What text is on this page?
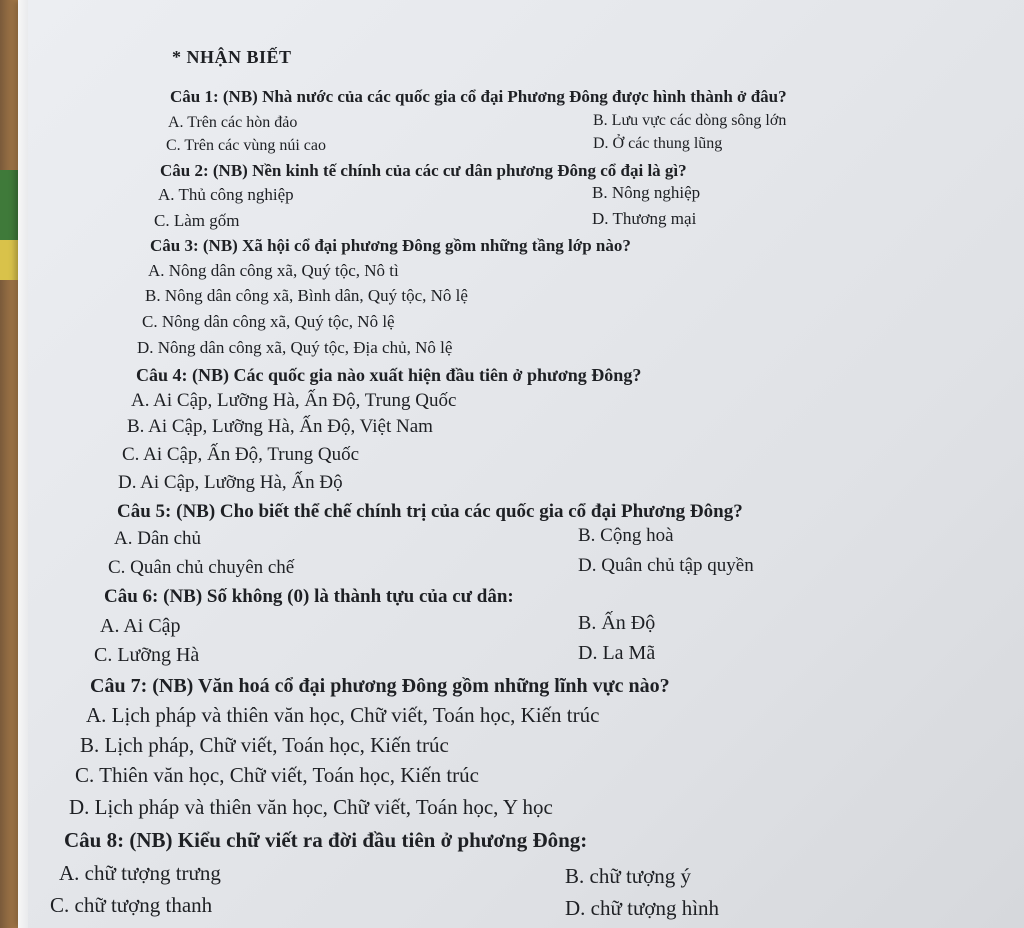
* NHẬN BIẾT
Câu 1: (NB) Nhà nước của các quốc gia cổ đại Phương Đông được hình thành ở đâu?
A. Trên các hòn đảo	B. Lưu vực các dòng sông lớn
C. Trên các vùng núi cao	D. Ở các thung lũng
Câu 2: (NB) Nền kinh tế chính của các cư dân phương Đông cổ đại là gì?
A. Thủ công nghiệp	B. Nông nghiệp
C. Làm gốm	D. Thương mại
Câu 3: (NB) Xã hội cổ đại phương Đông gồm những tầng lớp nào?
A. Nông dân công xã, Quý tộc, Nô tì
B. Nông dân công xã, Bình dân, Quý tộc, Nô lệ
C. Nông dân công xã, Quý tộc, Nô lệ
D. Nông dân công xã, Quý tộc, Địa chủ, Nô lệ
Câu 4: (NB) Các quốc gia nào xuất hiện đầu tiên ở phương Đông?
A. Ai Cập, Lưỡng Hà, Ấn Độ, Trung Quốc
B. Ai Cập, Lưỡng Hà, Ấn Độ, Việt Nam
C. Ai Cập, Ấn Độ, Trung Quốc
D. Ai Cập, Lưỡng Hà, Ấn Độ
Câu 5: (NB) Cho biết thể chế chính trị của các quốc gia cổ đại Phương Đông?
A. Dân chủ	B. Cộng hoà
C. Quân chủ chuyên chế	D. Quân chủ tập quyền
Câu 6: (NB) Số không (0) là thành tựu của cư dân:
A. Ai Cập	B. Ấn Độ
C. Lưỡng Hà	D. La Mã
Câu 7: (NB) Văn hoá cổ đại phương Đông gồm những lĩnh vực nào?
A. Lịch pháp và thiên văn học, Chữ viết, Toán học, Kiến trúc
B. Lịch pháp, Chữ viết, Toán học, Kiến trúc
C. Thiên văn học, Chữ viết, Toán học, Kiến trúc
D. Lịch pháp và thiên văn học, Chữ viết, Toán học, Y học
Câu 8: (NB) Kiểu chữ viết ra đời đầu tiên ở phương Đông:
A. chữ tượng trưng	B. chữ tượng ý
C. chữ tượng thanh	D. chữ tượng hình
